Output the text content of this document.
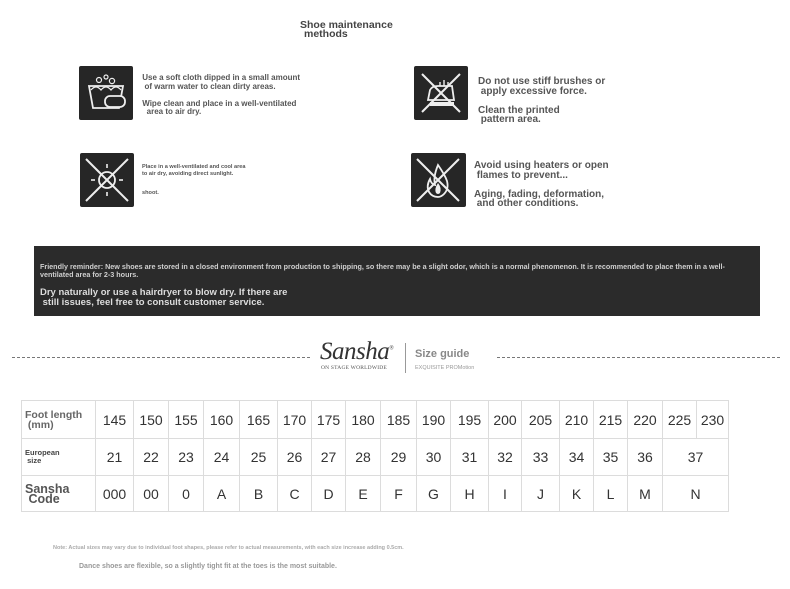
Shoe maintenance
methods
Use a soft cloth dipped in a small amount
of warm water to clean dirty areas.

Wipe clean and place in a well-ventilated
area to air dry.
Do not use stiff brushes or
apply excessive force.

Clean the printed
pattern area.
Place in a well-ventilated and cool area
to air dry, avoiding direct sunlight.

shoot.
Avoid using heaters or open
flames to prevent...

Aging, fading, deformation,
and other conditions.
Friendly reminder: New shoes are stored in a closed environment from production to shipping, so there may be a slight odor, which is a normal phenomenon. It is recommended to place them in a well-ventilated area for 2-3 hours.
Dry naturally or use a hairdryer to blow dry. If there are
still issues, feel free to consult customer service.
Sansha®
ON STAGE WORLDWIDE
Size guide
EXQUISITE PROMotion
Foot length
(mm)	145	150	155	160	165	170	175	180	185	190	195	200	205	210	215	220	225	230
European
size	21	22	23	24	25	26	27	28	29	30	31	32	33	34	35	36	37	
Sansha
Code	000	00	0	A	B	C	D	E	F	G	H	I	J	K	L	M	N	
Note: Actual sizes may vary due to individual foot shapes, please refer to actual measurements, with each size increase adding 0.5cm.
Dance shoes are flexible, so a slightly tight fit at the toes is the most suitable.
